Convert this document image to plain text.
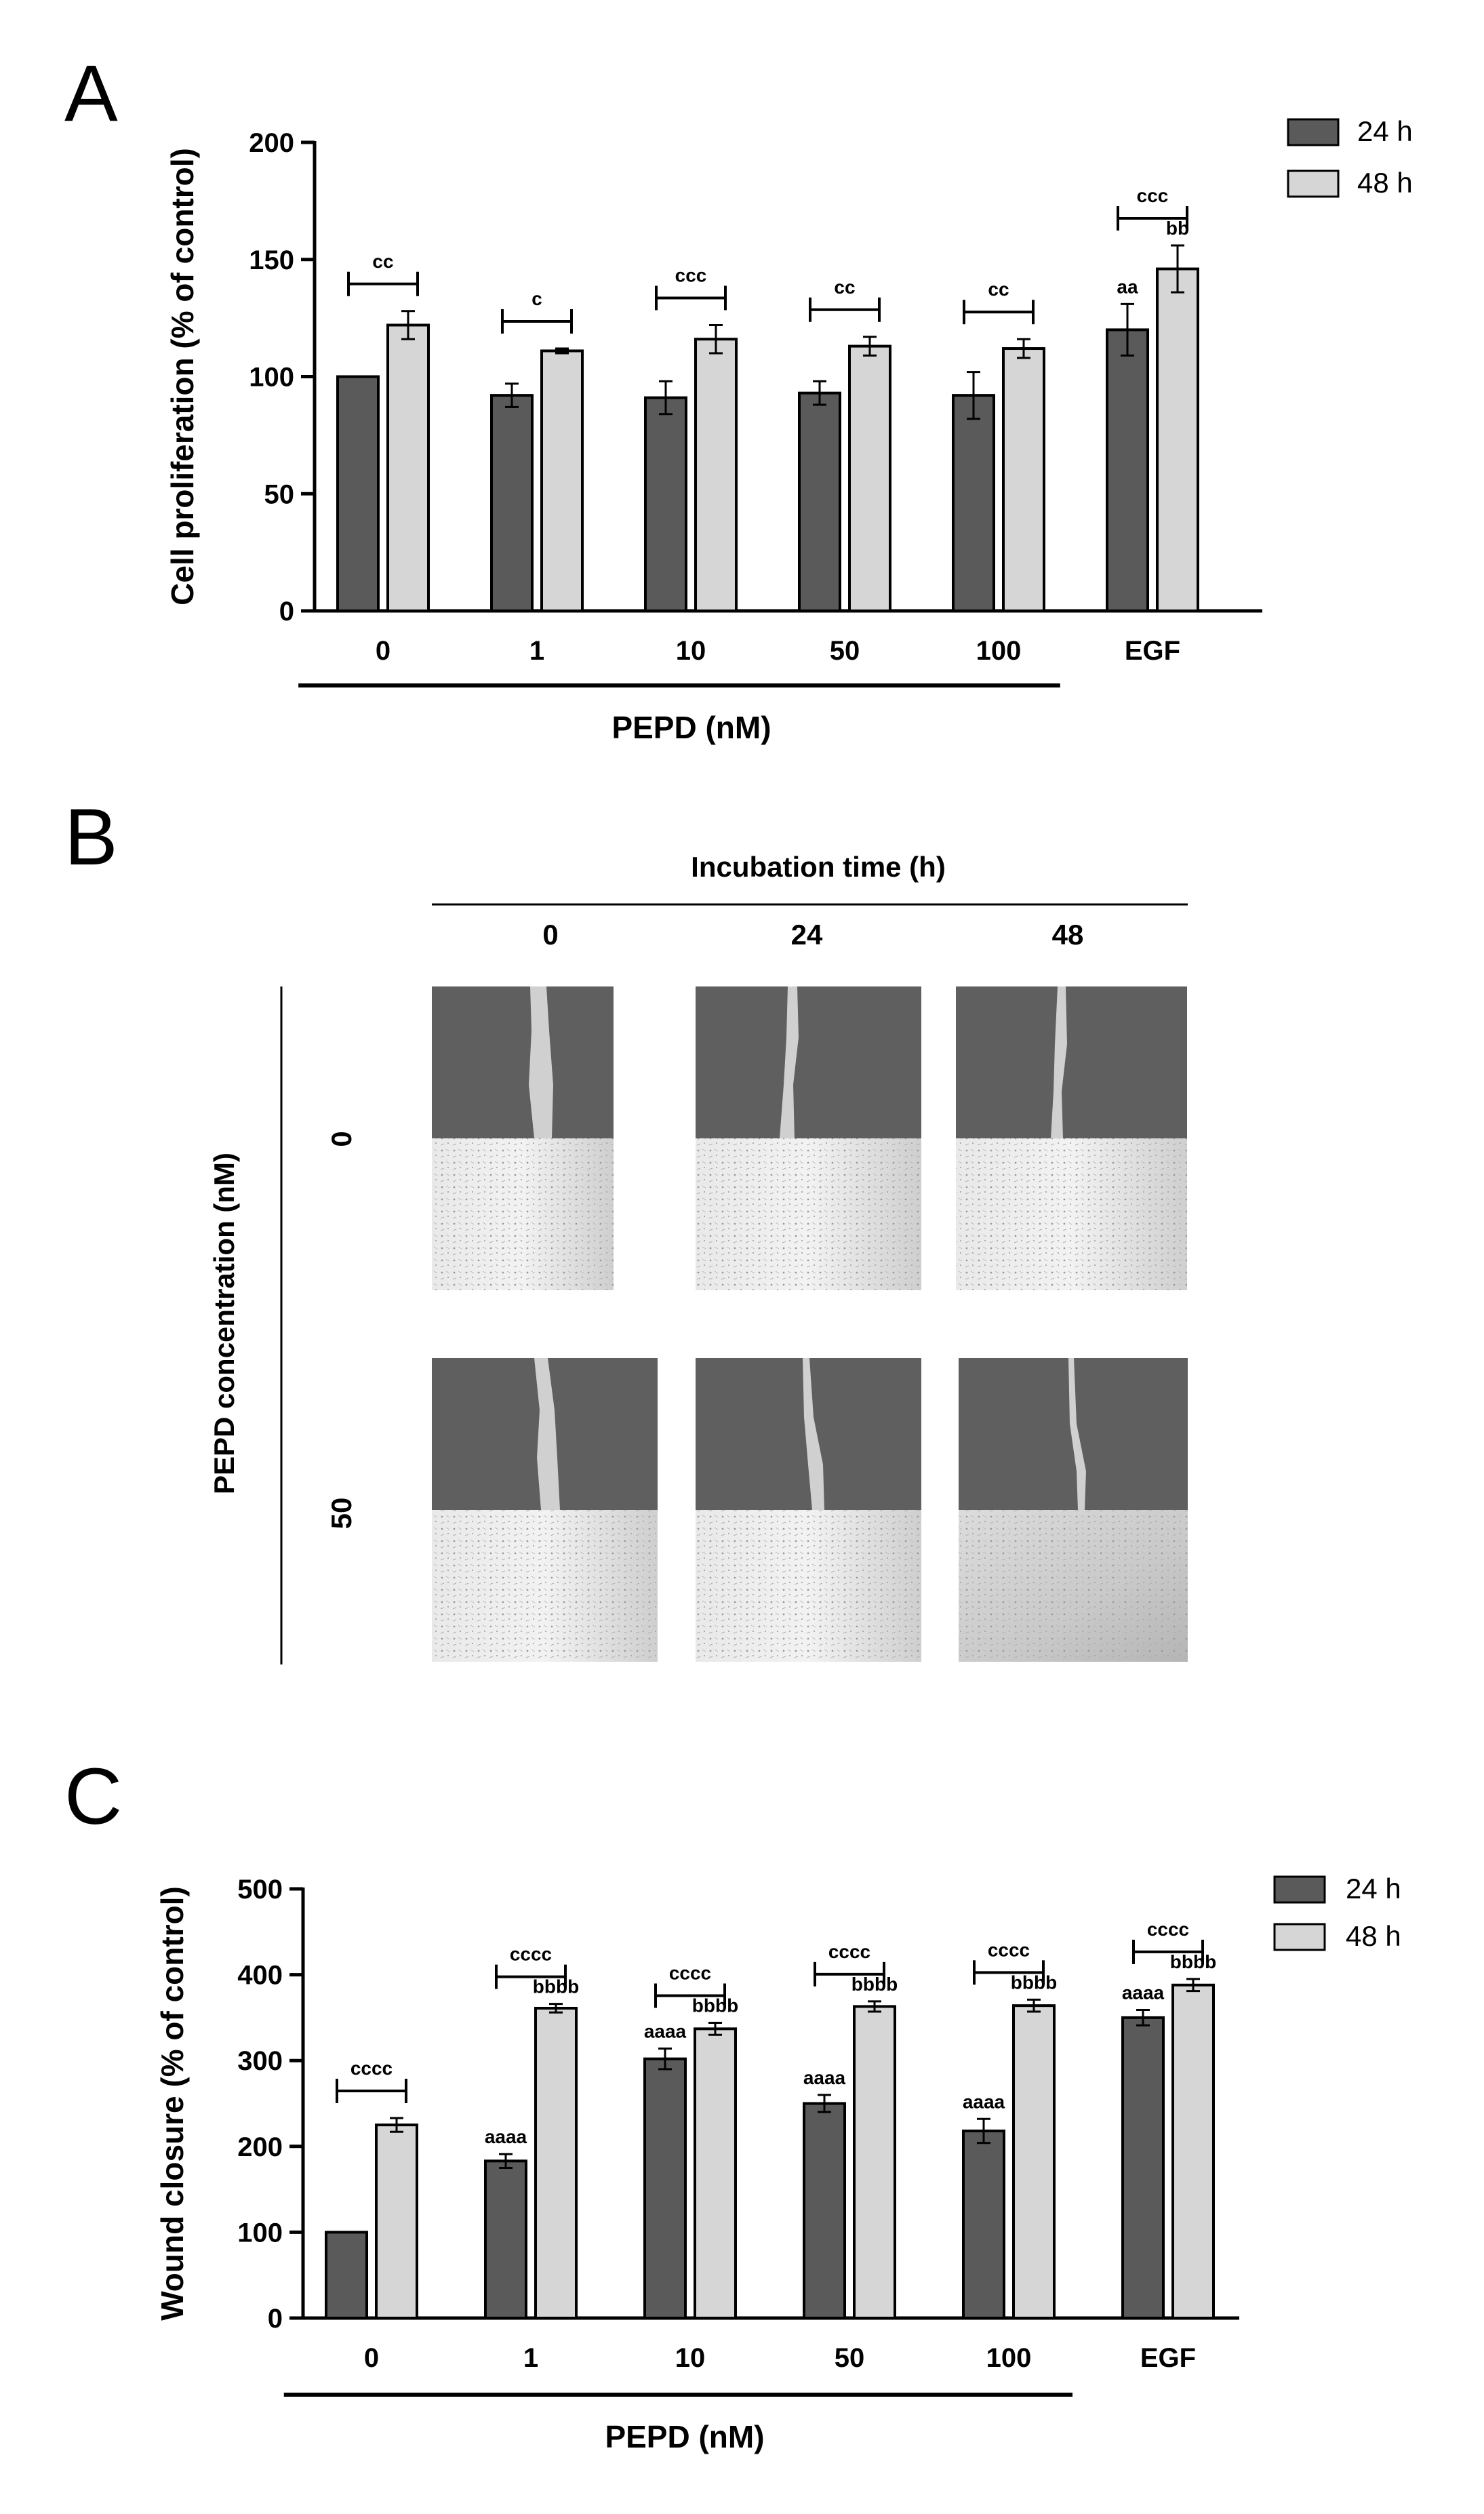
A
B
C
0
50
100
150
200
Cell proliferation (% of control)	cc
0
c
1
ccc
10
cc
50
cc
100
aa
bb
ccc
EGF
PEPD (nM)
24 h
48 h
Incubation time (h)
0	24	48
PEPD concentration (nM)
0
50
0
100
200
300
400
500
Wound closure (% of control)	cccc
0
aaaa
bbbb
cccc
1
aaaa
bbbb
cccc
10
aaaa
bbbb
cccc
50
aaaa
bbbb
cccc
100
aaaa
bbbb
cccc
EGF
PEPD (nM)
24 h
48 h
